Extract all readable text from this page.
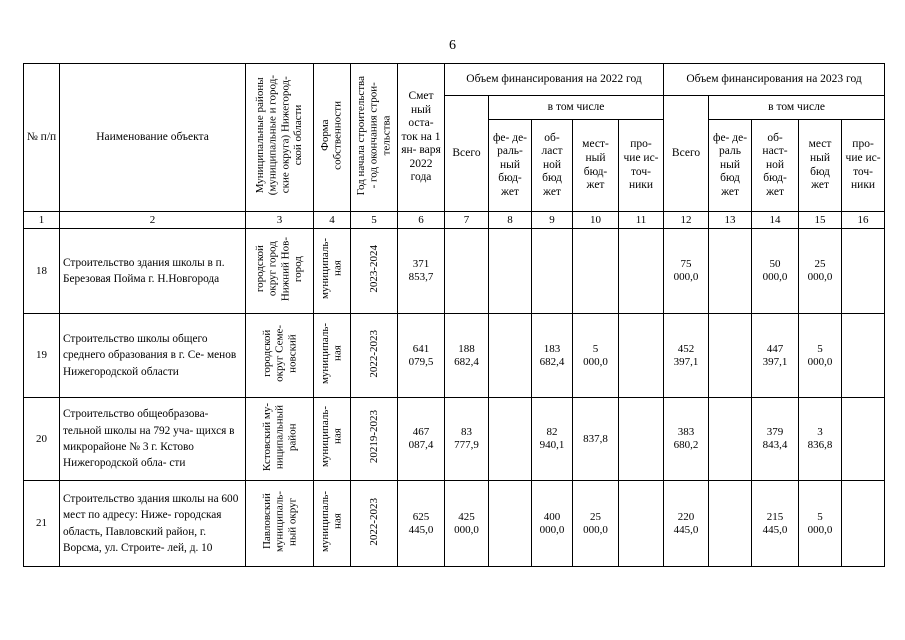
6
№ п/п	Наименование объекта	Муниципальные районы
(муниципальные и город-
ские округа) Нижегород-
ской области	Форма
собственности	Год начала строительства
- год окончания строи-
тельства	Смет ный оста- ток на 1 ян- варя 2022 года	Объем финансирования на 2022 год					Объем финансирования на 2023 год				
						Всего	в том числе				Всего	в том числе			
							фе- де- раль- ный бюд- жет	об- ласт ной бюд жет	мест- ный бюд- жет	про- чие ис- точ- ники		фе- де- раль ный бюд жет	об- наст- ной бюд- жет	мест ный бюд жет	про- чие ис- точ- ники
1	2	3	4	5	6	7	8	9	10	11	12	13	14	15	16
18	Строительство здания школы в п. Березовая Пойма г. Н.Новгорода	городской
округ город
Нижний Нов-
город	муниципаль-
ная	2023-2024	371
853,7						75
000,0		50
000,0	25
000,0	
19	Строительство школы общего среднего образования в г. Се- менов Нижегородской области	городской
округ Семе-
новский	муниципаль-
ная	2022-2023	641
079,5	188
682,4		183
682,4	5
000,0		452
397,1		447
397,1	5
000,0	
20	Строительство общеобразова- тельной школы на 792 уча- щихся в микрорайоне № 3 г. Кстово Нижегородской обла- сти	Кстовский му-
ниципальный
район	муниципаль-
ная	20219-2023	467
087,4	83
777,9		82
940,1	837,8		383
680,2		379
843,4	3
836,8	
21	Строительство здания школы на 600 мест по адресу: Ниже- городская область, Павловский район, г. Ворсма, ул. Строите- лей, д. 10	Павловский
муниципаль-
ный округ	муниципаль-
ная	2022-2023	625
445,0	425
000,0		400
000,0	25
000,0		220
445,0		215
445,0	5
000,0	
